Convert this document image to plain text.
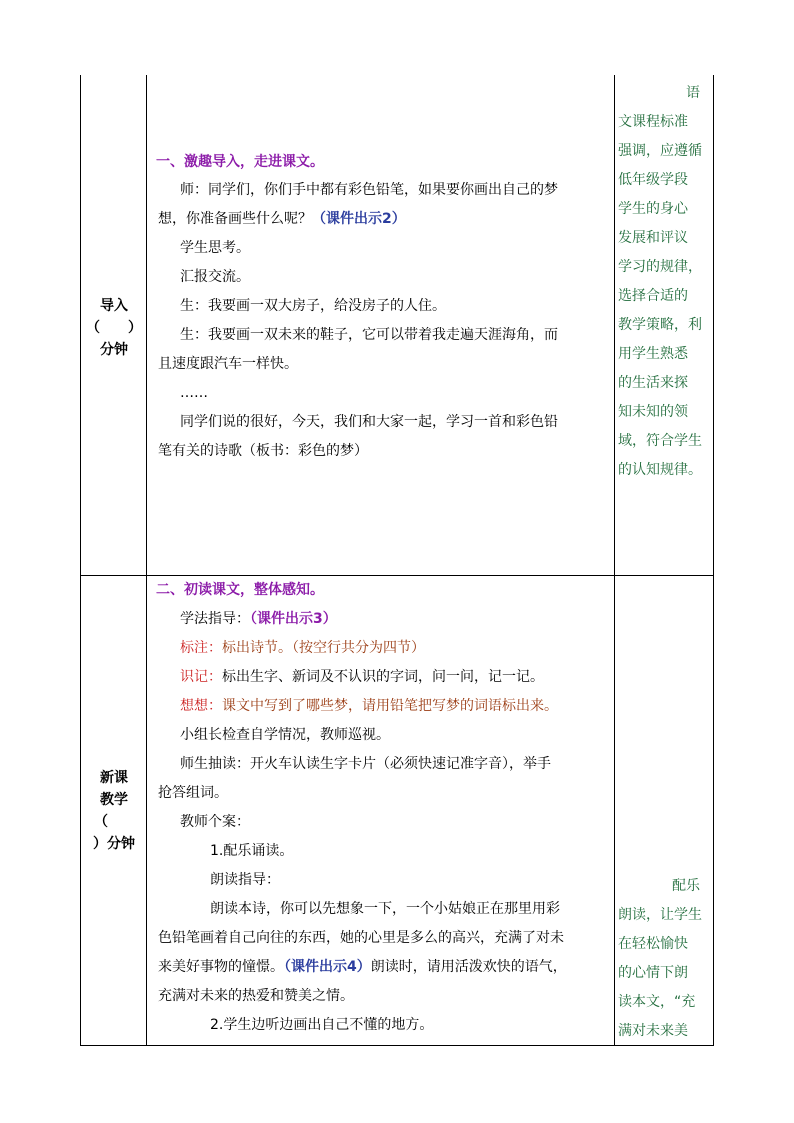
导入
（　　）
分钟
一、激趣导入，走进课文。
师：同学们，你们手中都有彩色铅笔，如果要你画出自己的梦
想，你准备画些什么呢？（课件出示2）
学生思考。
汇报交流。
生：我要画一双大房子，给没房子的人住。
生：我要画一双未来的鞋子，它可以带着我走遍天涯海角，而
且速度跟汽车一样快。
……
同学们说的很好，今天，我们和大家一起，学习一首和彩色铅
笔有关的诗歌（板书：彩色的梦）
语
文课程标准
强调，应遵循
低年级学段
学生的身心
发展和评议
学习的规律，
选择合适的
教学策略，利
用学生熟悉
的生活来探
知未知的领
域，符合学生
的认知规律。
新课
教学
（
）分钟
二、初读课文，整体感知。
学法指导：（课件出示3）
标注：标出诗节。（按空行共分为四节）
识记：标出生字、新词及不认识的字词，问一问，记一记。
想想：课文中写到了哪些梦，请用铅笔把写梦的词语标出来。
小组长检查自学情况，教师巡视。
师生抽读：开火车认读生字卡片（必须快速记准字音），举手
抢答组词。
教师个案：
1.配乐诵读。
朗读指导：
朗读本诗，你可以先想象一下，一个小姑娘正在那里用彩
色铅笔画着自己向往的东西，她的心里是多么的高兴，充满了对未
来美好事物的憧憬。（课件出示4）朗读时，请用活泼欢快的语气，
充满对未来的热爱和赞美之情。
2.学生边听边画出自己不懂的地方。
配乐
朗读，让学生
在轻松愉快
的心情下朗
读本文，“充
满对未来美
